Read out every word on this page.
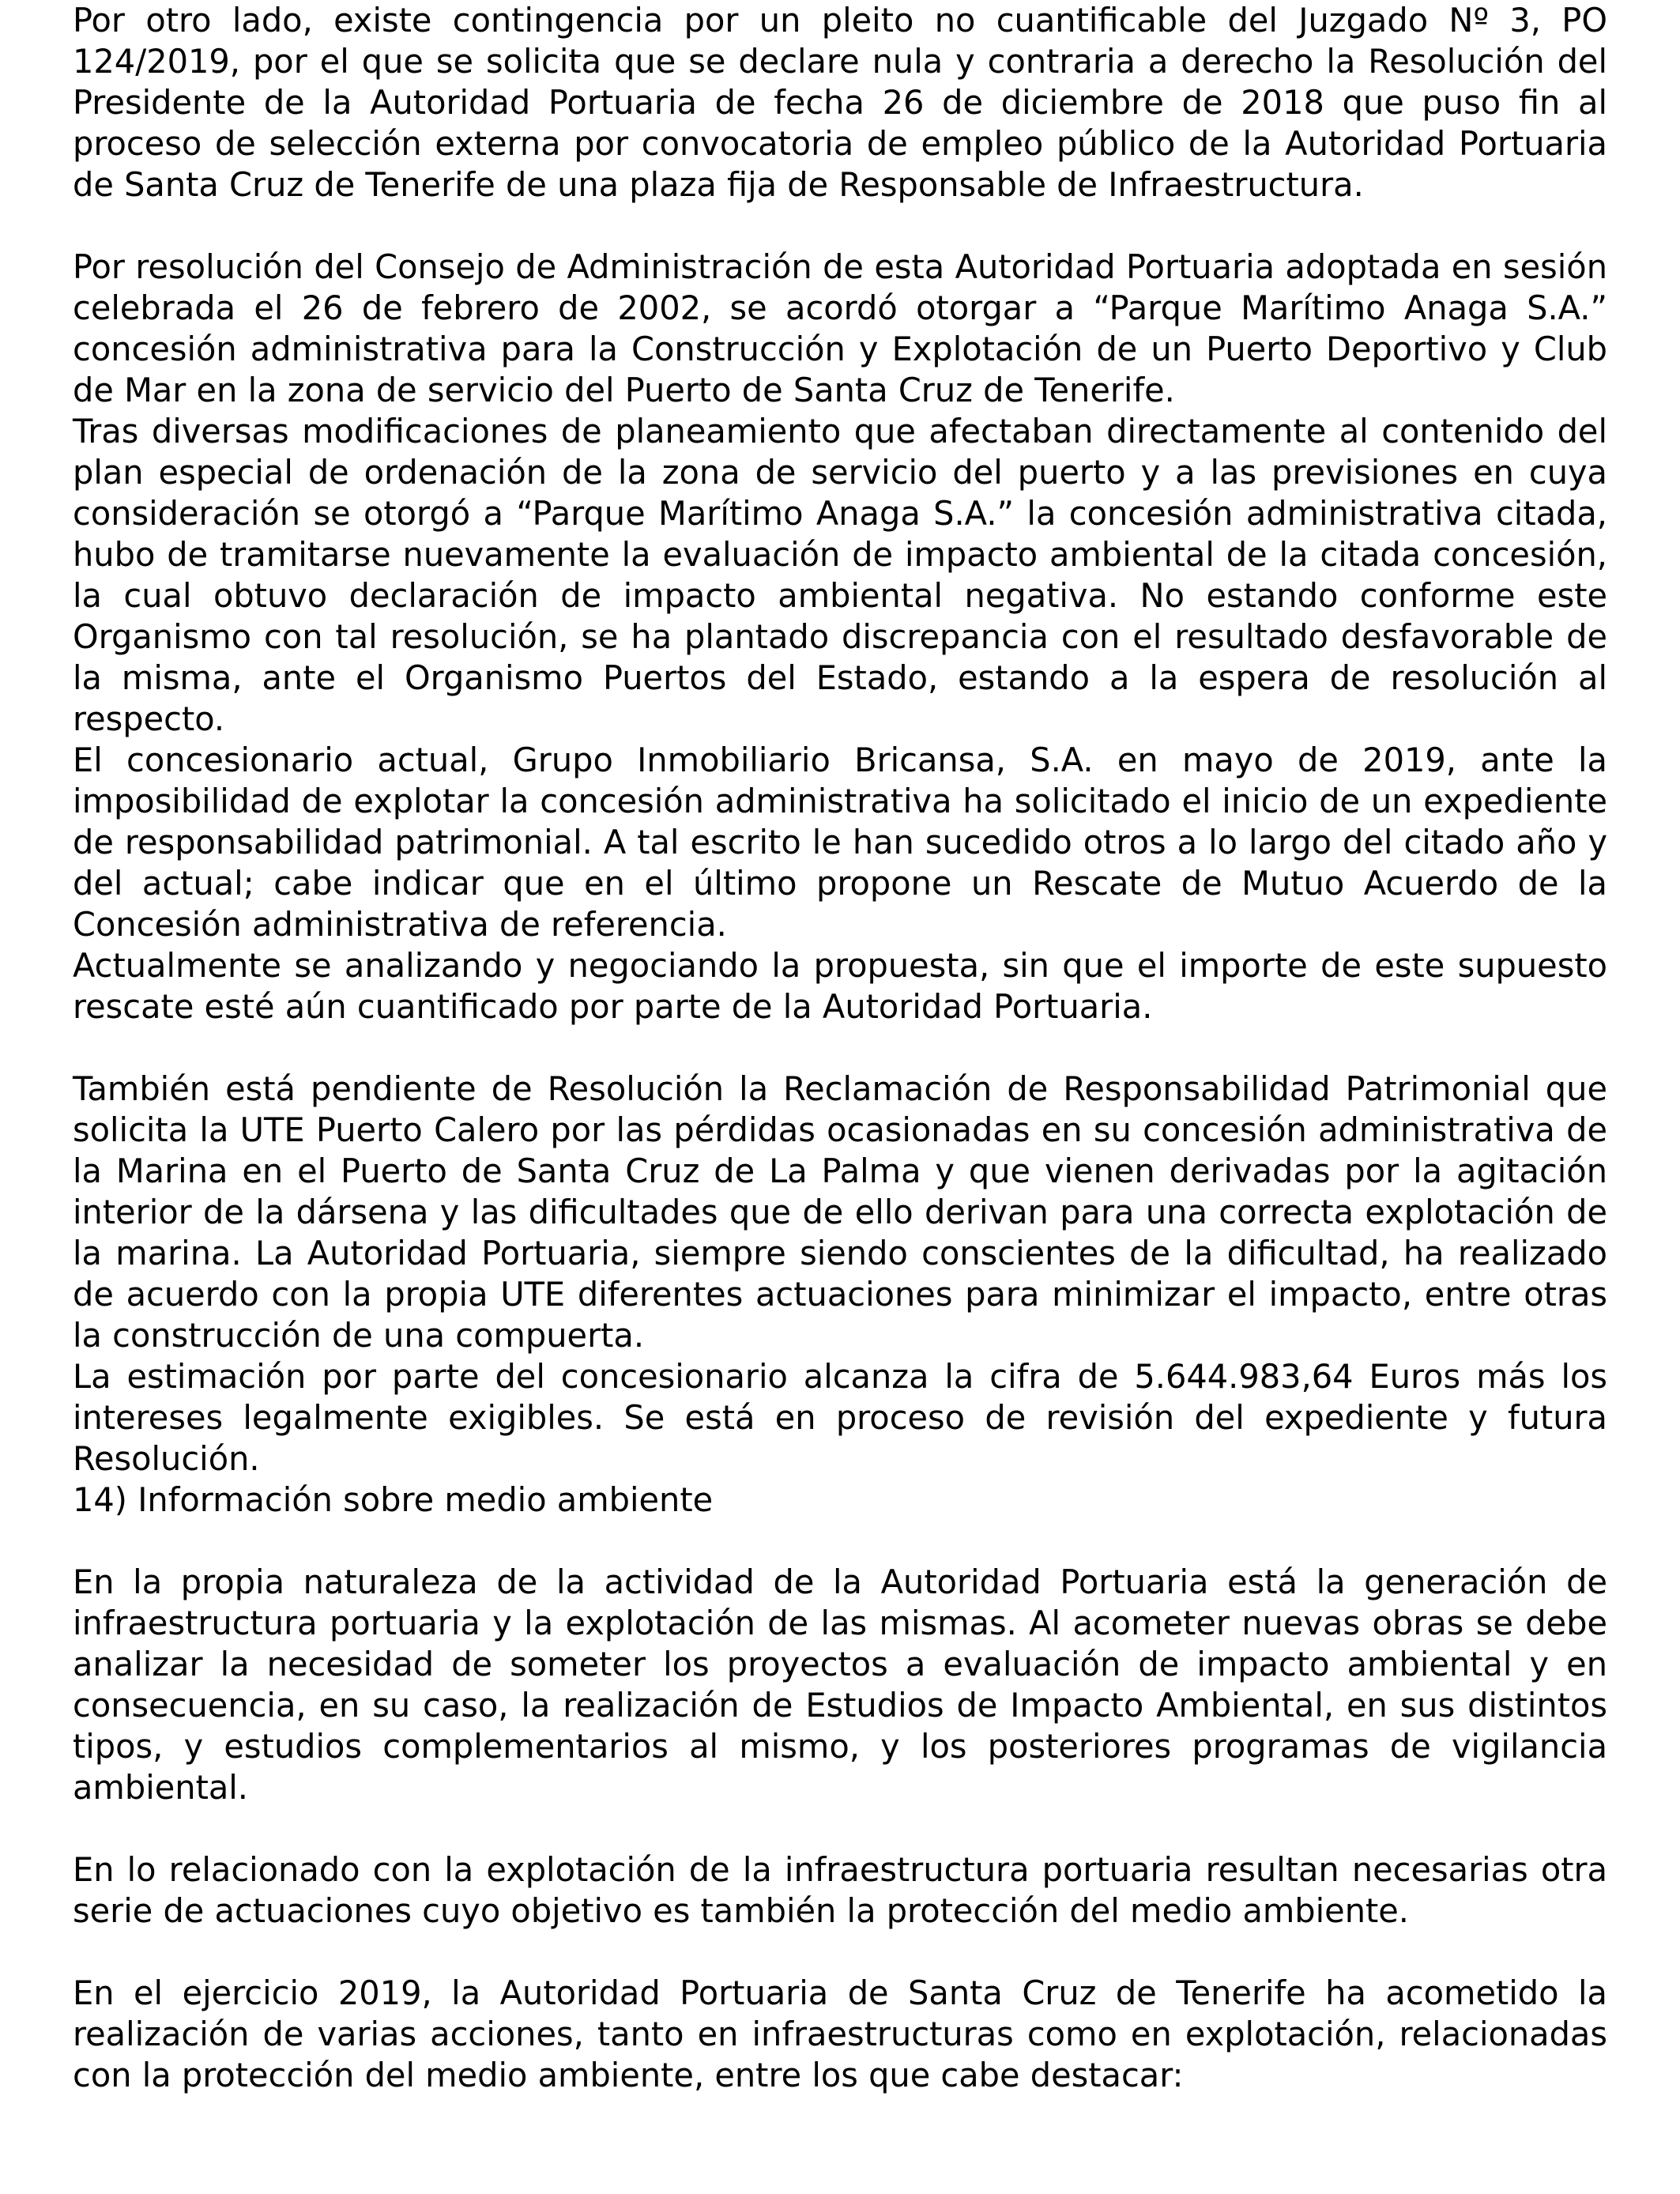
Por otro lado, existe contingencia por un pleito no cuantificable del Juzgado Nº 3, PO 124/2019, por el que se solicita que se declare nula y contraria a derecho la Resolución del Presidente de la Autoridad Portuaria de fecha 26 de diciembre de 2018 que puso fin al proceso de selección externa por convocatoria de empleo público de la Autoridad Portuaria de Santa Cruz de Tenerife de una plaza fija de Responsable de Infraestructura.

Por resolución del Consejo de Administración de esta Autoridad Portuaria adoptada en sesión celebrada el 26 de febrero de 2002, se acordó otorgar a “Parque Marítimo Anaga S.A.” concesión administrativa para la Construcción y Explotación de un Puerto Deportivo y Club de Mar en la zona de servicio del Puerto de Santa Cruz de Tenerife.

Tras diversas modificaciones de planeamiento que afectaban directamente al contenido del plan especial de ordenación de la zona de servicio del puerto y a las previsiones en cuya consideración se otorgó a “Parque Marítimo Anaga S.A.” la concesión administrativa citada, hubo de tramitarse nuevamente la evaluación de impacto ambiental de la citada concesión, la cual obtuvo declaración de impacto ambiental negativa. No estando conforme este Organismo con tal resolución, se ha plantado discrepancia con el resultado desfavorable de la misma, ante el Organismo Puertos del Estado, estando a la espera de resolución al respecto.

El concesionario actual, Grupo Inmobiliario Bricansa, S.A. en mayo de 2019, ante la imposibilidad de explotar la concesión administrativa ha solicitado el inicio de un expediente de responsabilidad patrimonial. A tal escrito le han sucedido otros a lo largo del citado año y del actual; cabe indicar que en el último propone un Rescate de Mutuo Acuerdo de la Concesión administrativa de referencia.

Actualmente se analizando y negociando la propuesta, sin que el importe de este supuesto rescate esté aún cuantificado por parte de la Autoridad Portuaria.

También está pendiente de Resolución la Reclamación de Responsabilidad Patrimonial que solicita la UTE Puerto Calero por las pérdidas ocasionadas en su concesión administrativa de la Marina en el Puerto de Santa Cruz de La Palma y que vienen derivadas por la agitación interior de la dársena y las dificultades que de ello derivan para una correcta explotación de la marina. La Autoridad Portuaria, siempre siendo conscientes de la dificultad, ha realizado de acuerdo con la propia UTE diferentes actuaciones para minimizar el impacto, entre otras la construcción de una compuerta.

La estimación por parte del concesionario alcanza la cifra de 5.644.983,64 Euros más los intereses legalmente exigibles. Se está en proceso de revisión del expediente y futura Resolución.

14) Información sobre medio ambiente

En la propia naturaleza de la actividad de la Autoridad Portuaria está la generación de infraestructura portuaria y la explotación de las mismas. Al acometer nuevas obras se debe analizar la necesidad de someter los proyectos a evaluación de impacto ambiental y en consecuencia, en su caso, la realización de Estudios de Impacto Ambiental, en sus distintos tipos, y estudios complementarios al mismo, y los posteriores programas de vigilancia ambiental.

En lo relacionado con la explotación de la infraestructura portuaria resultan necesarias otra serie de actuaciones cuyo objetivo es también la protección del medio ambiente.

En el ejercicio 2019, la Autoridad Portuaria de Santa Cruz de Tenerife ha acometido la realización de varias acciones, tanto en infraestructuras como en explotación, relacionadas con la protección del medio ambiente, entre los que cabe destacar:
